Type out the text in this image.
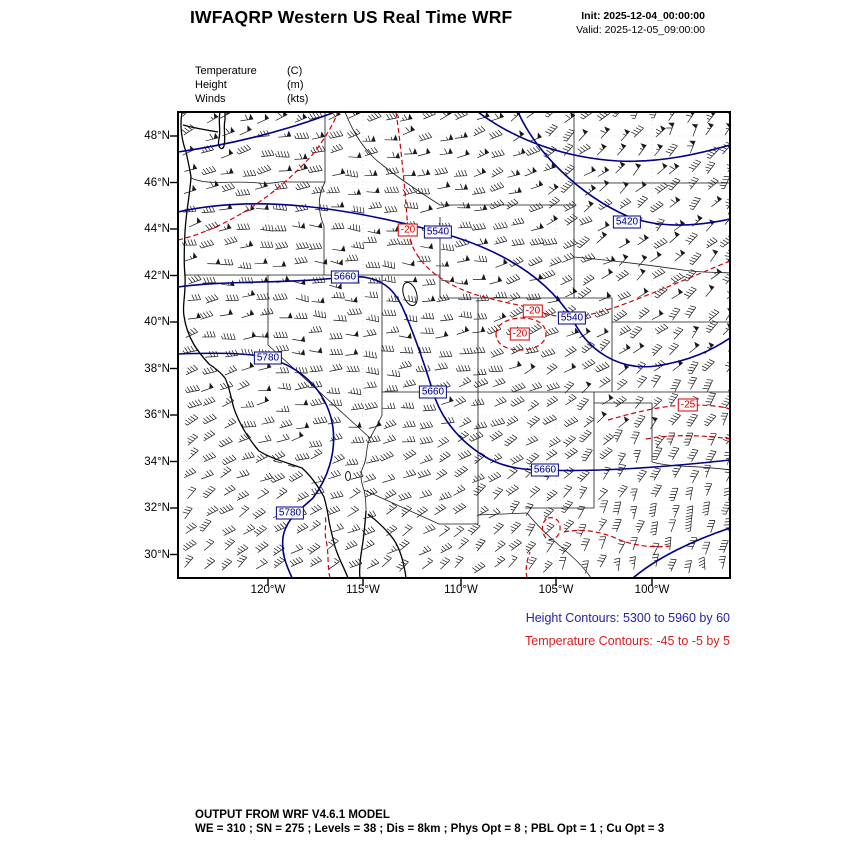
IWFAQRP Western US Real Time WRF	Init: 2025-12-04_00:00:00
Valid: 2025-12-05_09:00:00
Temperature	(C)
Height	(m)
Winds	(kts)
Height Contours: 5300 to 5960 by 60
Temperature Contours: -45 to -5 by 5
OUTPUT FROM WRF V4.6.1 MODEL
WE = 310 ; SN = 275 ; Levels = 38 ; Dis = 8km ; Phys Opt = 8 ; PBL Opt = 1 ; Cu Opt = 3
48°N
46°N
44°N
42°N
40°N
38°N
36°N
34°N
32°N
30°N
120°W	115°W	110°W	105°W	100°W
5540
5420
5660
5540
5780
5660
5660
5780
-20
-20
-20
-25
